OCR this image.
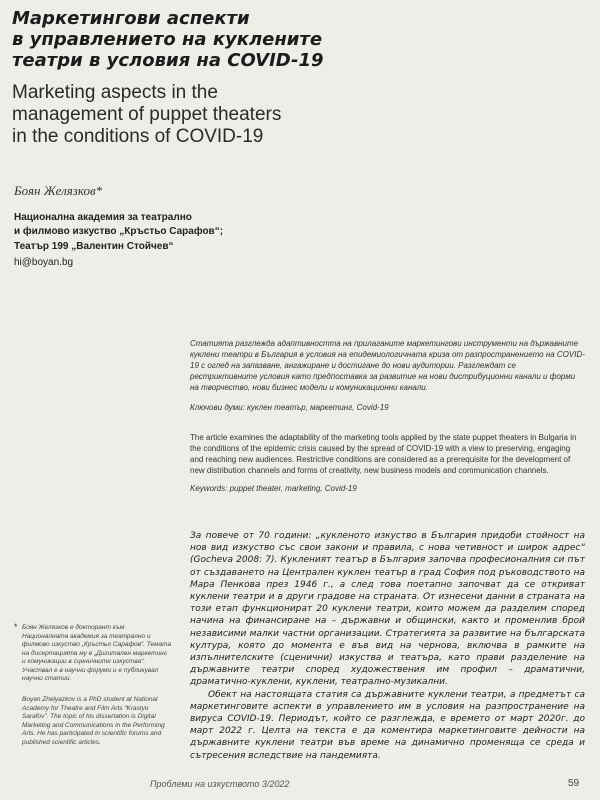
Маркетингови аспекти
в управлението на куклените
театри в условия на COVID-19
Marketing aspects in the
management of puppet theaters
in the conditions of COVID-19
Боян Желязков*
Национална академия за театрално
и филмово изкуство „Кръстьо Сарафов“;
Театър 199 „Валентин Стойчев“
hi@boyan.bg
Статията разглежда адаптивността на прилаганите маркетингови инструменти на държавните куклени театри в България в условия на епидемиологичната криза от разпространението на COVID-19 с оглед на запазване, ангажиране и достигане до нови аудитории. Разглеждат се рестриктивните условия като предпоставка за развитие на нови дистрибуционни канали и форми на творчество, нови бизнес модели и комуникационни канали.
Ключови думи: куклен театър, маркетинг, Covid-19
The article examines the adaptability of the marketing tools applied by the state puppet theaters in Bulgaria in the conditions of the epidemic crisis caused by the spread of COVID-19 with a view to preserving, engaging and reaching new audiences. Restrictive conditions are considered as a prerequisite for the development of new distribution channels and forms of creativity, new business models and communication channels.
Keywords: puppet theater, marketing, Covid-19

За повече от 70 години: „кукленото изкуство в България придоби стойност на нов вид изкуство със свои закони и правила, с нова четивност и широк адрес“ (Gocheva 2008: 7). Кукленият театър в България започва професионалния си път от създаването на Централен куклен театър в град София под ръководството на Мара Пенкова през 1946 г., а след това поетапно започват да се откриват куклени театри и в други градове на страната. От изнесени данни в страната на този етап функционират 20 куклени театри, които можем да разделим според начина на финансиране на – държавни и общински, както и променлив брой независими малки частни организации. Стратегията за развитие на българската култура, която до момента е във вид на чернова, включва в рамките на изпълнителските (сценични) изкуства и театъра, като прави разделение на държавните театри според художествения им профил – драматични, драматично-куклени, куклени, театрално-музикални.

Обект на настоящата статия са държавните куклени театри, а предметът са маркетинговите аспекти в управлението им в условия на разпространение на вируса COVID-19. Периодът, който се разглежда, е времето от март 2020г. до март 2022 г. Целта на текста е да коментира маркетинговите дейности на държавните куклени театри във време на динамично променяща се среда и сътресения вследствие на пандемията.

* Боян Желязков е докторант към Националната академия за театрално и филмово изкуство „Кръстьо Сарафов“. Темата на дисертацията му е „Дигитален маркетинг и комуникации в сценичните изкуства“. Участвал е в научни форуми и е публикувал научни статии.
Boyan Zhelyazkov is a PhD student at National Academy for Theatre and Film Arts “Krastyo Sarafov”. The topic of his dissertation is Digital Marketing and Communications in the Performing Arts. He has participated in scientific forums and published scientific articles.
Проблеми на изкуството 3/2022	59
